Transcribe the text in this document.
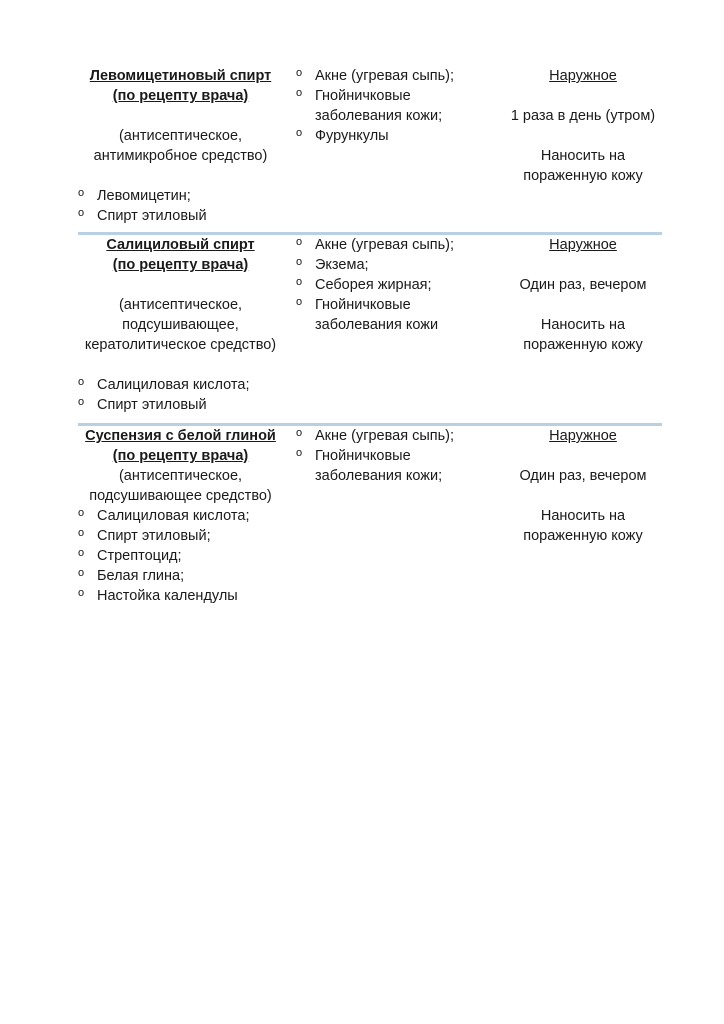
Левомицетиновый спирт
(по рецепту врача)
(антисептическое, антимикробное средство)
o Левомицетин;
o Спирт этиловый
o Акне (угревая сыпь);
o Гнойничковые заболевания кожи;
o Фурункулы
Наружное
1 раза в день (утром)
Наносить на пораженную кожу
Салициловый спирт
(по рецепту врача)
(антисептическое, подсушивающее, кератолитическое средство)
o Салициловая кислота;
o Спирт этиловый
o Акне (угревая сыпь);
o Экзема;
o Себорея жирная;
o Гнойничковые заболевания кожи
Наружное
Один раз, вечером
Наносить на пораженную кожу
Суспензия с белой глиной
(по рецепту врача)
(антисептическое, подсушивающее средство)
o Салициловая кислота;
o Спирт этиловый;
o Стрептоцид;
o Белая глина;
o Настойка календулы
o Акне (угревая сыпь);
o Гнойничковые заболевания кожи;
Наружное
Один раз, вечером
Наносить на пораженную кожу
